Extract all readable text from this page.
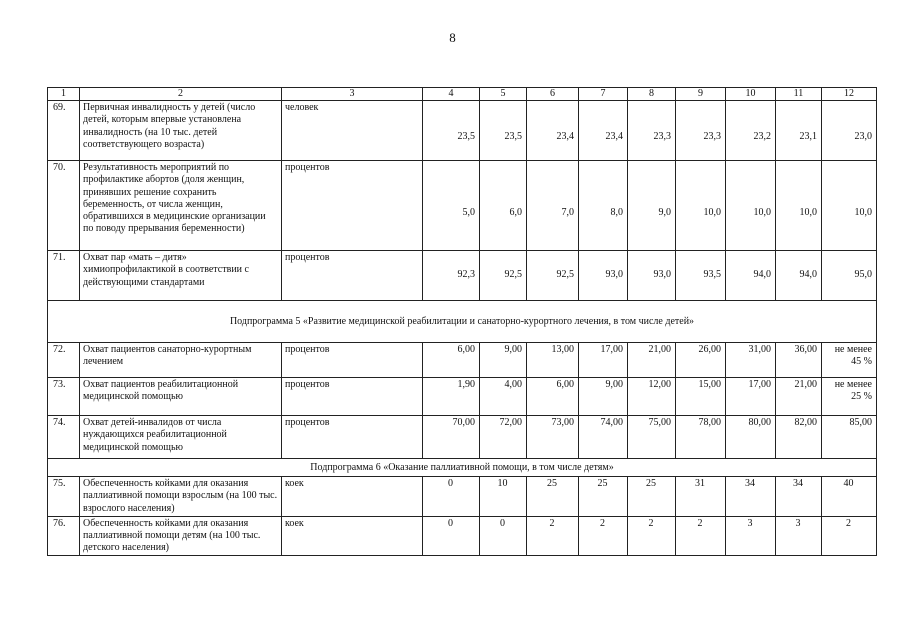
8
1	2	3	4	5	6	7	8	9	10	11	12
69.	Первичная инвалидность у детей (число детей, которым впервые установлена инвалидность (на 10 тыс. детей соответствующего возраста)	человек	23,5	23,5	23,4	23,4	23,3	23,3	23,2	23,1	23,0

70.	Результативность мероприятий по профилактике абортов (доля женщин, принявших решение сохранить беременность, от числа женщин, обратившихся в медицинские организации по поводу прерывания беременности)	процентов	5,0	6,0	7,0	8,0	9,0	10,0	10,0	10,0	10,0

71.	Охват пар «мать – дитя» химиопрофилактикой в соответствии с действующими стандартами	процентов	92,3	92,5	92,5	93,0	93,0	93,5	94,0	94,0	95,0

Подпрограмма 5 «Развитие медицинской реабилитации и санаторно-курортного лечения, в том числе детей»											
72.	Охват пациентов санаторно-курортным лечением	процентов	6,00	9,00	13,00	17,00	21,00	26,00	31,00	36,00	не менее 45 %

73.	Охват пациентов реабилитационной медицинской помощью	процентов	1,90	4,00	6,00	9,00	12,00	15,00	17,00	21,00	не менее 25 %

74.	Охват детей-инвалидов от числа нуждающихся реабилитационной медицинской помощью	процентов	70,00	72,00	73,00	74,00	75,00	78,00	80,00	82,00	85,00

Подпрограмма 6 «Оказание паллиативной помощи, в том числе детям»											
75.	Обеспеченность койками для оказания паллиативной помощи взрослым (на 100 тыс. взрослого населения)	коек	0	10	25	25	25	31	34	34	40

76.	Обеспеченность койками для оказания паллиативной помощи детям (на 100 тыс. детского населения)	коек	0	0	2	2	2	2	3	3	2
